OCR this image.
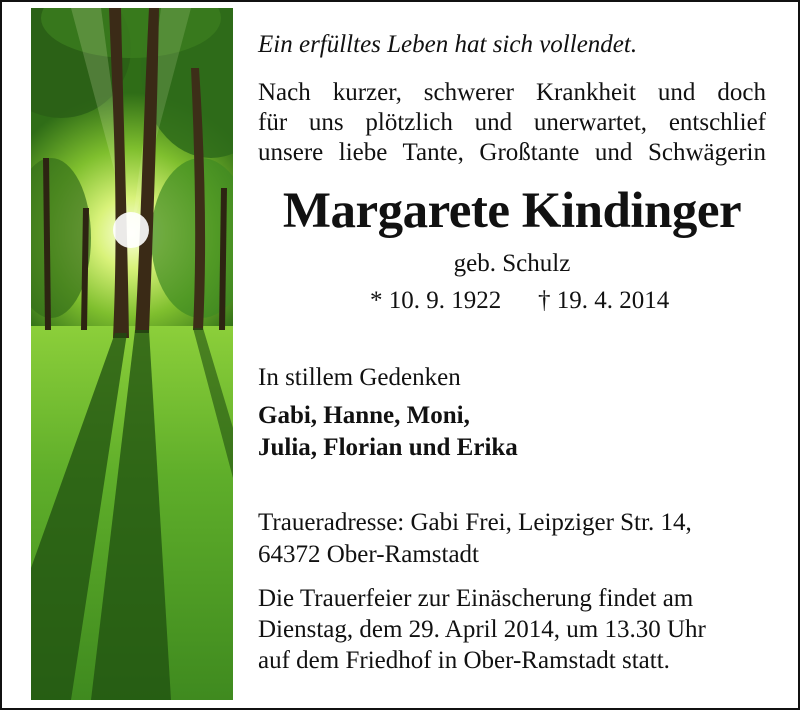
Ein erfülltes Leben hat sich vollendet.
Nach kurzer, schwerer Krankheit und doch
für uns plötzlich und unerwartet, entschlief
unsere liebe Tante, Großtante und Schwägerin
Margarete Kindinger
geb. Schulz
* 10. 9. 1922 † 19. 4. 2014
In stillem Gedenken
Gabi, Hanne, Moni,
Julia, Florian und Erika
Traueradresse: Gabi Frei, Leipziger Str. 14,
64372 Ober-Ramstadt
Die Trauerfeier zur Einäscherung findet am
Dienstag, dem 29. April 2014, um 13.30 Uhr
auf dem Friedhof in Ober-Ramstadt statt.
